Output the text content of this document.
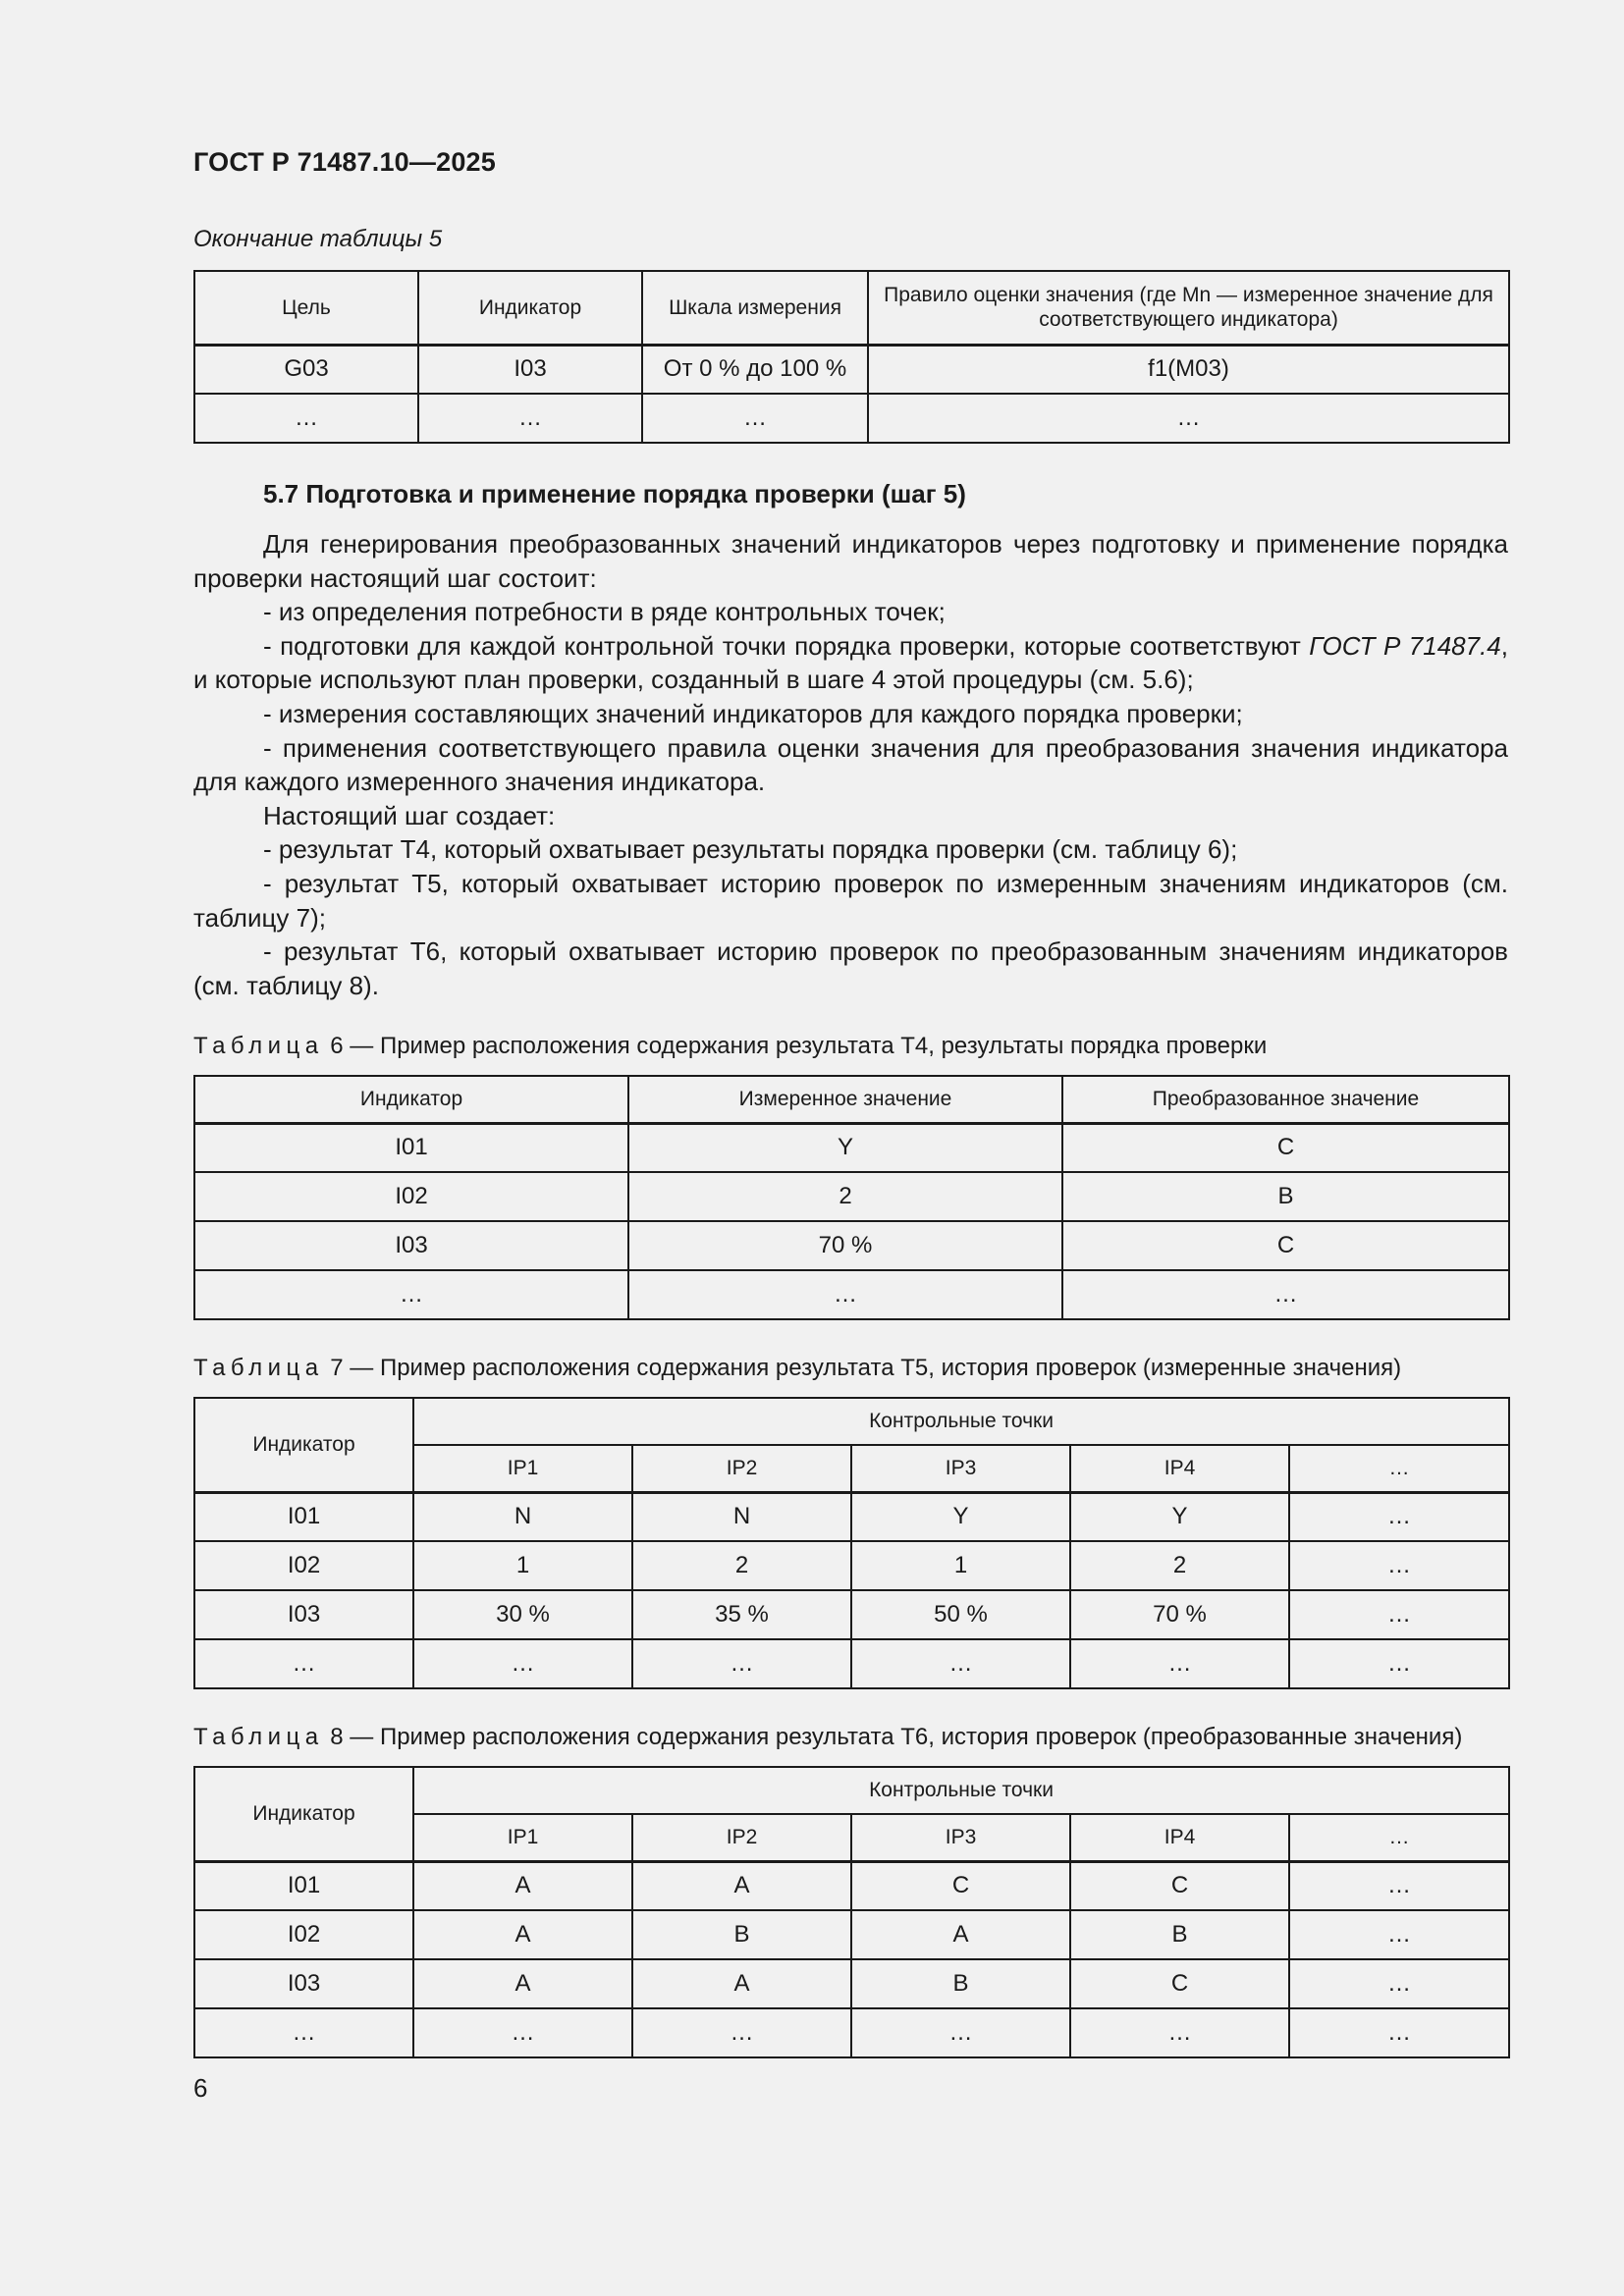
ГОСТ Р 71487.10—2025
Окончание таблицы 5
Цель	Индикатор	Шкала измерения	Правило оценки значения (где Mn — измеренное значение для соответствующего индикатора)
G03	I03	От 0 % до 100 %	f1(M03)
…	…	…	…
5.7 Подготовка и применение порядка проверки (шаг 5)

Для генерирования преобразованных значений индикаторов через подготовку и применение порядка проверки настоящий шаг состоит:

- из определения потребности в ряде контрольных точек;

- подготовки для каждой контрольной точки порядка проверки, которые соответствуют ГОСТ Р 71487.4, и которые используют план проверки, созданный в шаге 4 этой процедуры (см. 5.6);

- измерения составляющих значений индикаторов для каждого порядка проверки;

- применения соответствующего правила оценки значения для преобразования значения индикатора для каждого измеренного значения индикатора.

Настоящий шаг создает:

- результат Т4, который охватывает результаты порядка проверки (см. таблицу 6);

- результат Т5, который охватывает историю проверок по измеренным значениям индикаторов (см. таблицу 7);

- результат Т6, который охватывает историю проверок по преобразованным значениям индикаторов (см. таблицу 8).

Таблица 6 — Пример расположения содержания результата Т4, результаты порядка проверки
Индикатор	Измеренное значение	Преобразованное значение
I01	Y	C
I02	2	B
I03	70 %	C
…	…	…
Таблица 7 — Пример расположения содержания результата Т5, история проверок (измеренные значения)
Индикатор	Контрольные точки				
	IP1	IP2	IP3	IP4	…
I01	N	N	Y	Y	…
I02	1	2	1	2	…
I03	30 %	35 %	50 %	70 %	…
…	…	…	…	…	…
Таблица 8 — Пример расположения содержания результата Т6, история проверок (преобразованные значения)
Индикатор	Контрольные точки				
	IP1	IP2	IP3	IP4	…
I01	A	A	C	C	…
I02	A	B	A	B	…
I03	A	A	B	C	…
…	…	…	…	…	…
6
